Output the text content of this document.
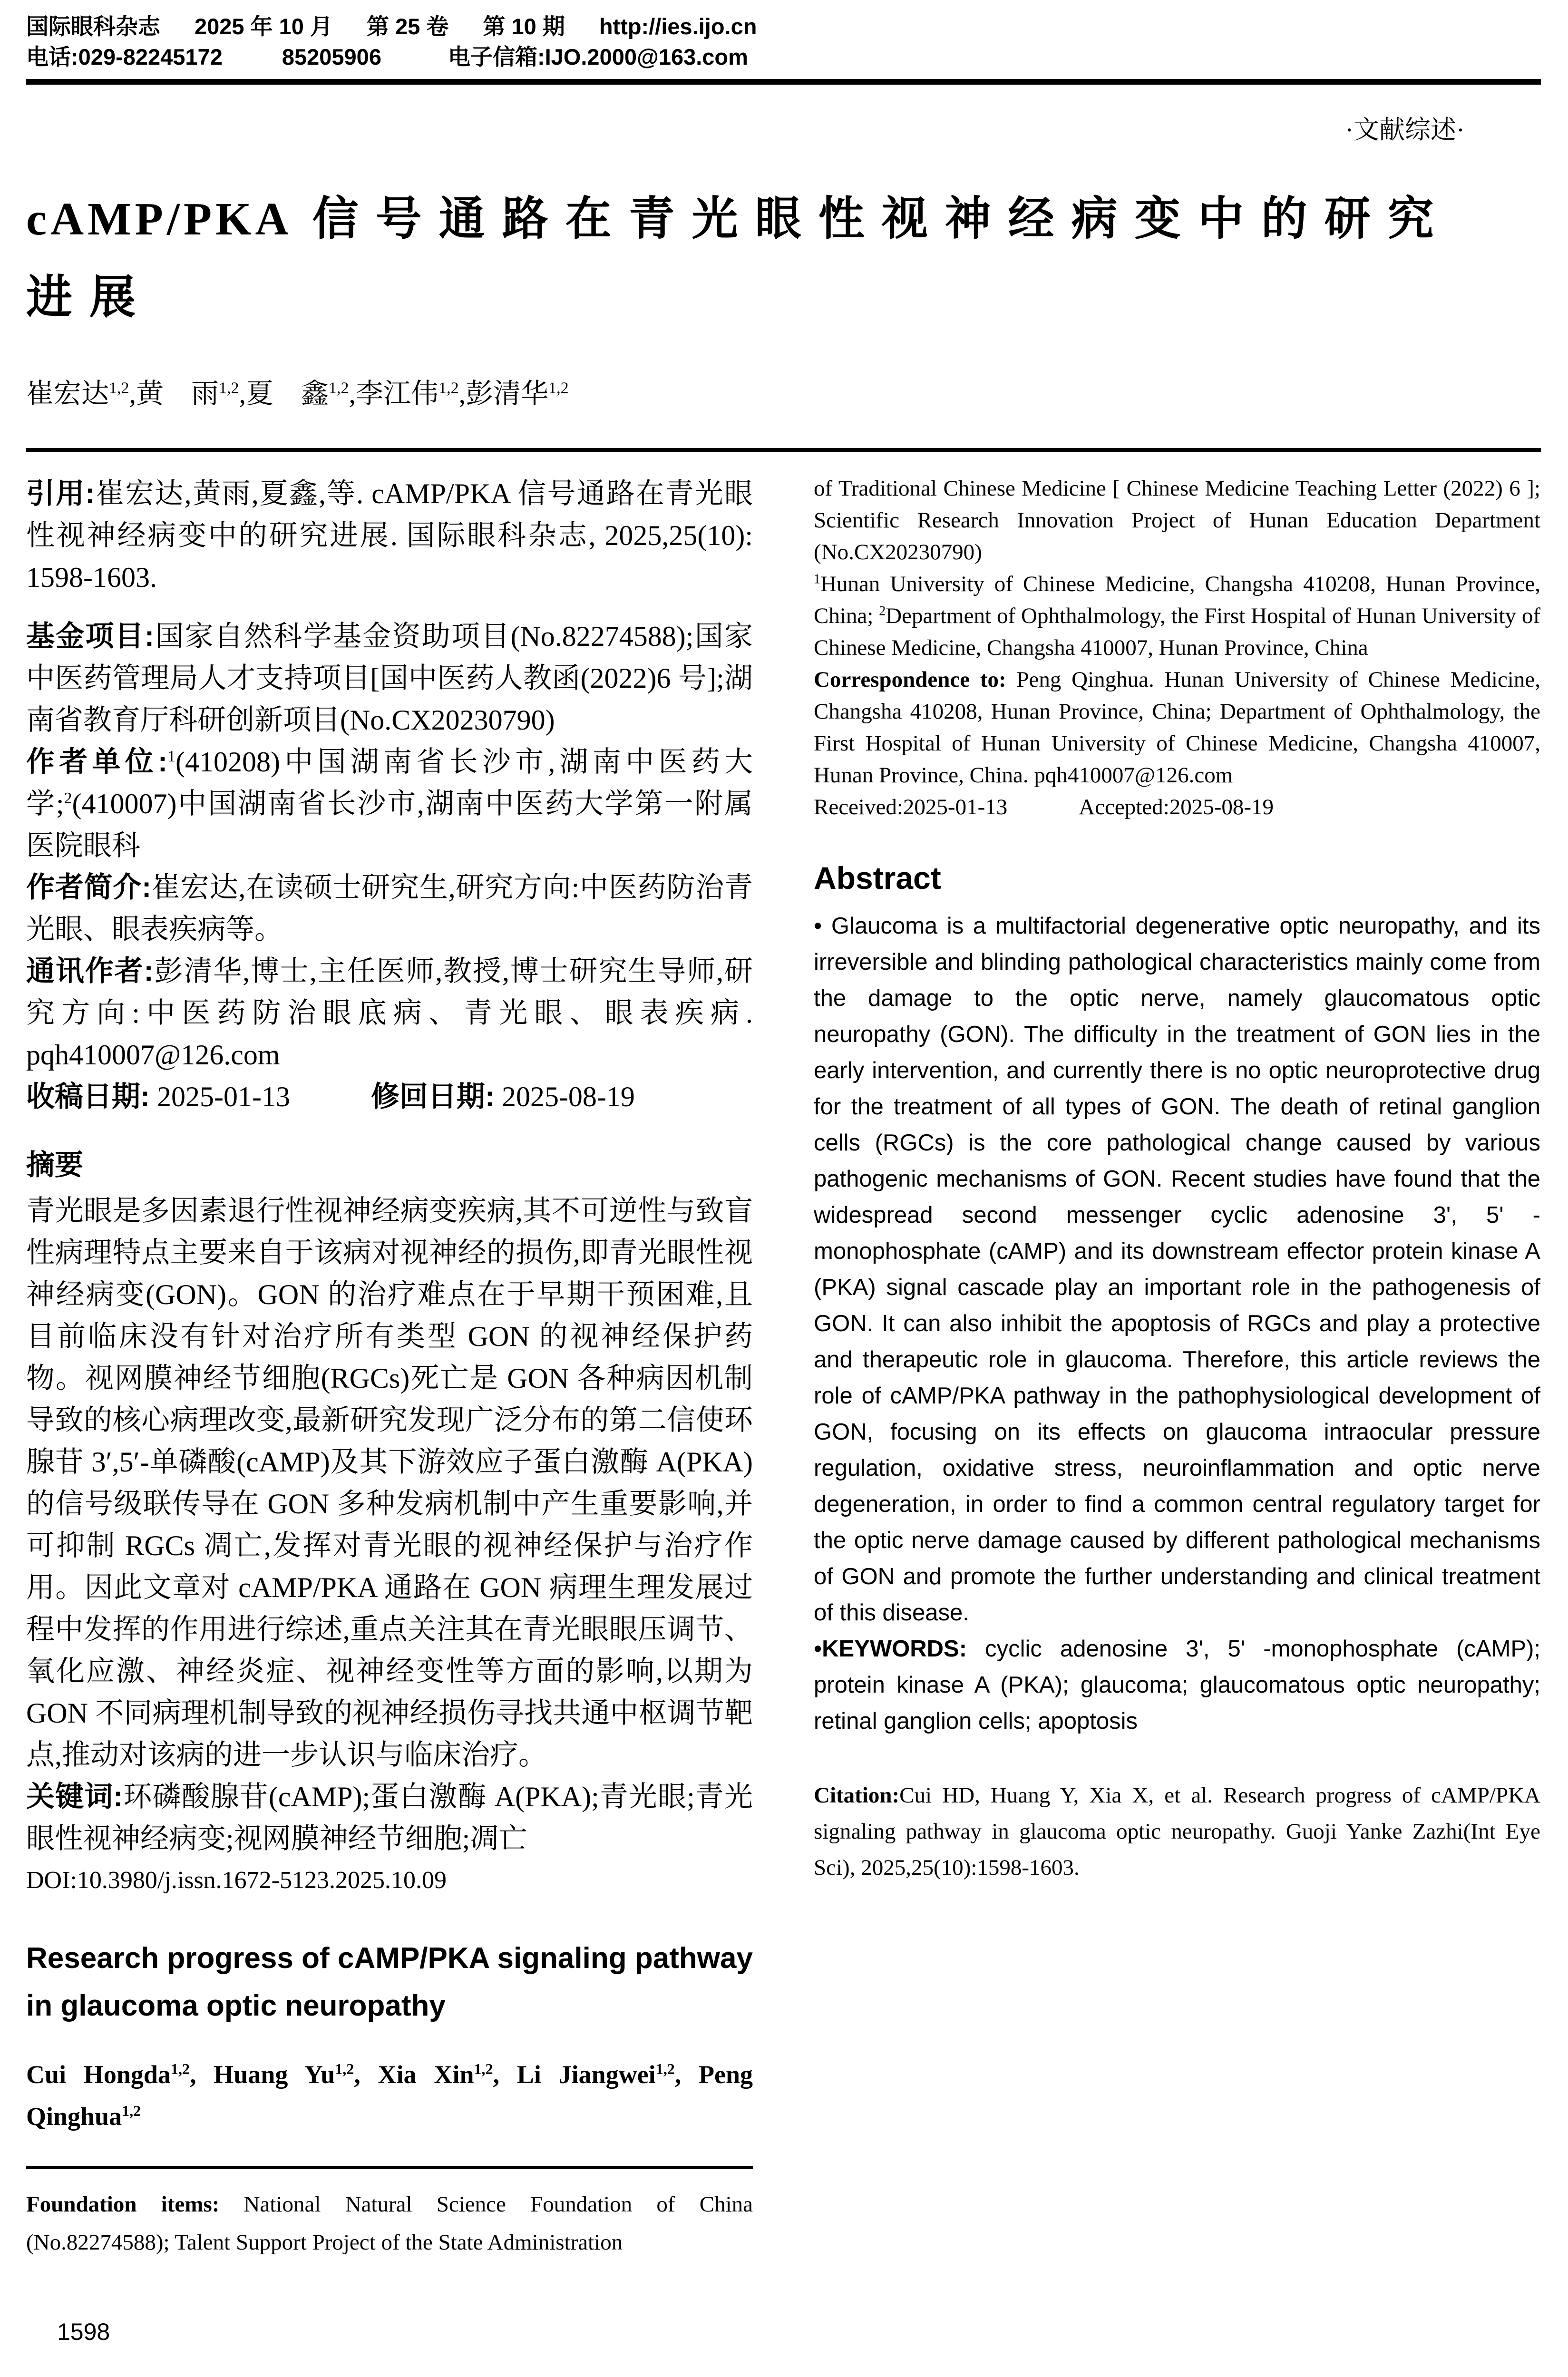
国际眼科杂志 2025 年 10 月 第 25 卷 第 10 期 http://ies.ijo.cn
电话:029-82245172	85205906	电子信箱:IJO.2000@163.com
·文献综述·
cAMP/PKA 信号通路在青光眼性视神经病变中的研究
进展
崔宏达$^{1,2}$,黄　雨$^{1,2}$,夏　鑫$^{1,2}$,李江伟$^{1,2}$,彭清华$^{1,2}$

引用:崔宏达,黄雨,夏鑫,等. cAMP/PKA 信号通路在青光眼性视神经病变中的研究进展. 国际眼科杂志, 2025,25(10): 1598-1603.

基金项目:国家自然科学基金资助项目(No.82274588);国家中医药管理局人才支持项目[国中医药人教函(2022)6 号];湖南省教育厅科研创新项目(No.CX20230790)

作者单位:$^1$(410208)中国湖南省长沙市,湖南中医药大学;$^2$(410007)中国湖南省长沙市,湖南中医药大学第一附属医院眼科

作者简介:崔宏达,在读硕士研究生,研究方向:中医药防治青光眼、眼表疾病等。

通讯作者:彭清华,博士,主任医师,教授,博士研究生导师,研究方向:中医药防治眼底病、青光眼、眼表疾病. pqh410007@126.com

收稿日期: 2025-01-13	修回日期: 2025-08-19

摘要

青光眼是多因素退行性视神经病变疾病,其不可逆性与致盲性病理特点主要来自于该病对视神经的损伤,即青光眼性视神经病变(GON)。GON 的治疗难点在于早期干预困难,且目前临床没有针对治疗所有类型 GON 的视神经保护药物。视网膜神经节细胞(RGCs)死亡是 GON 各种病因机制导致的核心病理改变,最新研究发现广泛分布的第二信使环腺苷 3ʹ,5ʹ-单磷酸(cAMP)及其下游效应子蛋白激酶 A(PKA)的信号级联传导在 GON 多种发病机制中产生重要影响,并可抑制 RGCs 凋亡,发挥对青光眼的视神经保护与治疗作用。因此文章对 cAMP/PKA 通路在 GON 病理生理发展过程中发挥的作用进行综述,重点关注其在青光眼眼压调节、氧化应激、神经炎症、视神经变性等方面的影响,以期为 GON 不同病理机制导致的视神经损伤寻找共通中枢调节靶点,推动对该病的进一步认识与临床治疗。

关键词:环磷酸腺苷(cAMP);蛋白激酶 A(PKA);青光眼;青光眼性视神经病变;视网膜神经节细胞;凋亡

DOI:10.3980/j.issn.1672-5123.2025.10.09

Research progress of cAMP/PKA signaling pathway in glaucoma optic neuropathy
Cui Hongda$^{1,2}$, Huang Yu$^{1,2}$, Xia Xin$^{1,2}$, Li Jiangwei$^{1,2}$, Peng Qinghua$^{1,2}$

Foundation items: National Natural Science Foundation of China (No.82274588); Talent Support Project of the State Administration

of Traditional Chinese Medicine [ Chinese Medicine Teaching Letter (2022) 6 ]; Scientific Research Innovation Project of Hunan Education Department (No.CX20230790)

$^1$Hunan University of Chinese Medicine, Changsha 410208, Hunan Province, China; $^2$Department of Ophthalmology, the First Hospital of Hunan University of Chinese Medicine, Changsha 410007, Hunan Province, China

Correspondence to: Peng Qinghua. Hunan University of Chinese Medicine, Changsha 410208, Hunan Province, China; Department of Ophthalmology, the First Hospital of Hunan University of Chinese Medicine, Changsha 410007, Hunan Province, China. pqh410007@126.com

Received:2025-01-13	Accepted:2025-08-19

Abstract

• Glaucoma is a multifactorial degenerative optic neuropathy, and its irreversible and blinding pathological characteristics mainly come from the damage to the optic nerve, namely glaucomatous optic neuropathy (GON). The difficulty in the treatment of GON lies in the early intervention, and currently there is no optic neuroprotective drug for the treatment of all types of GON. The death of retinal ganglion cells (RGCs) is the core pathological change caused by various pathogenic mechanisms of GON. Recent studies have found that the widespread second messenger cyclic adenosine 3ʹ, 5ʹ - monophosphate (cAMP) and its downstream effector protein kinase A (PKA) signal cascade play an important role in the pathogenesis of GON. It can also inhibit the apoptosis of RGCs and play a protective and therapeutic role in glaucoma. Therefore, this article reviews the role of cAMP/PKA pathway in the pathophysiological development of GON, focusing on its effects on glaucoma intraocular pressure regulation, oxidative stress, neuroinflammation and optic nerve degeneration, in order to find a common central regulatory target for the optic nerve damage caused by different pathological mechanisms of GON and promote the further understanding and clinical treatment of this disease.

•KEYWORDS: cyclic adenosine 3ʹ, 5ʹ -monophosphate (cAMP); protein kinase A (PKA); glaucoma; glaucomatous optic neuropathy; retinal ganglion cells; apoptosis

Citation:Cui HD, Huang Y, Xia X, et al. Research progress of cAMP/PKA signaling pathway in glaucoma optic neuropathy. Guoji Yanke Zazhi(Int Eye Sci), 2025,25(10):1598-1603.

1598
